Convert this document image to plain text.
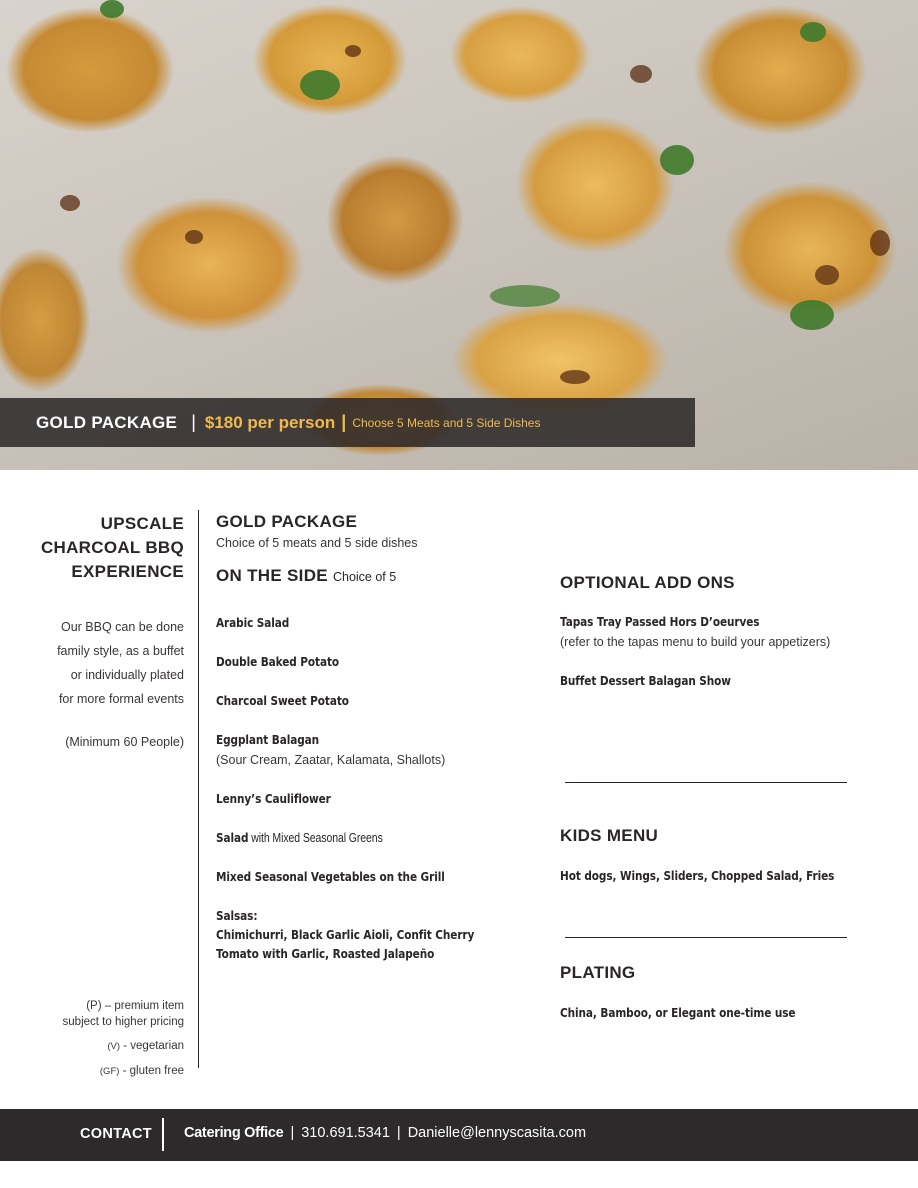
GOLD PACKAGE | $180 per person | Choose 5 Meats and 5 Side Dishes
UPSCALE
CHARCOAL BBQ
EXPERIENCE
Our BBQ can be done
family style, as a buffet
or individually plated
for more formal events
(Minimum 60 People)
(P) – premium item
subject to higher pricing
(V) - vegetarian
(GF) - gluten free
GOLD PACKAGE
Choice of 5 meats and 5 side dishes
ON THE SIDE Choice of 5
Arabic Salad
Double Baked Potato
Charcoal Sweet Potato
Eggplant Balagan
(Sour Cream, Zaatar, Kalamata, Shallots)
Lenny’s Cauliflower
Salad with Mixed Seasonal Greens
Mixed Seasonal Vegetables on the Grill
Salsas:
Chimichurri, Black Garlic Aioli, Confit Cherry
Tomato with Garlic, Roasted Jalapeño
OPTIONAL ADD ONS
Tapas Tray Passed Hors D’oeurves
(refer to the tapas menu to build your appetizers)
Buffet Dessert Balagan Show
KIDS MENU
Hot dogs, Wings, Sliders, Chopped Salad, Fries
PLATING
China, Bamboo, or Elegant one-time use
CONTACT Catering Office | 310.691.5341 | Danielle@lennyscasita.com
